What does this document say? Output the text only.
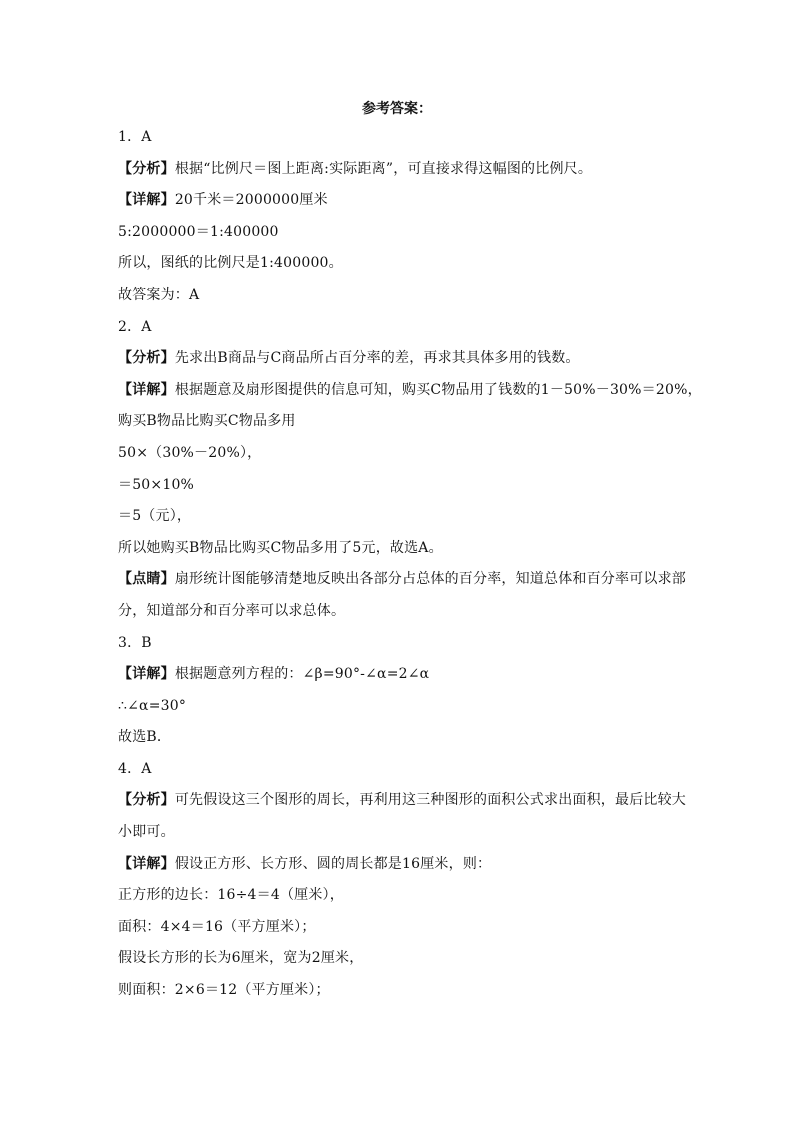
参考答案：
1．A
【分析】根据“比例尺＝图上距离:实际距离”，可直接求得这幅图的比例尺。
【详解】20千米＝2000000厘米
5:2000000＝1:400000
所以，图纸的比例尺是1:400000。
故答案为：A
2．A
【分析】先求出B商品与C商品所占百分率的差，再求其具体多用的钱数。
【详解】根据题意及扇形图提供的信息可知，购买C物品用了钱数的1－50%－30%＝20%，
购买B物品比购买C物品多用
50×（30%－20%），
＝50×10%
＝5（元），
所以她购买B物品比购买C物品多用了5元，故选A。
【点睛】扇形统计图能够清楚地反映出各部分占总体的百分率，知道总体和百分率可以求部
分，知道部分和百分率可以求总体。
3．B
【详解】根据题意列方程的：∠β=90°-∠α=2∠α
∴∠α=30°
故选B．
4．A
【分析】可先假设这三个图形的周长，再利用这三种图形的面积公式求出面积，最后比较大
小即可。
【详解】假设正方形、长方形、圆的周长都是16厘米，则：
正方形的边长：16÷4＝4（厘米），
面积：4×4＝16（平方厘米）；
假设长方形的长为6厘米，宽为2厘米，
则面积：2×6＝12（平方厘米）；
